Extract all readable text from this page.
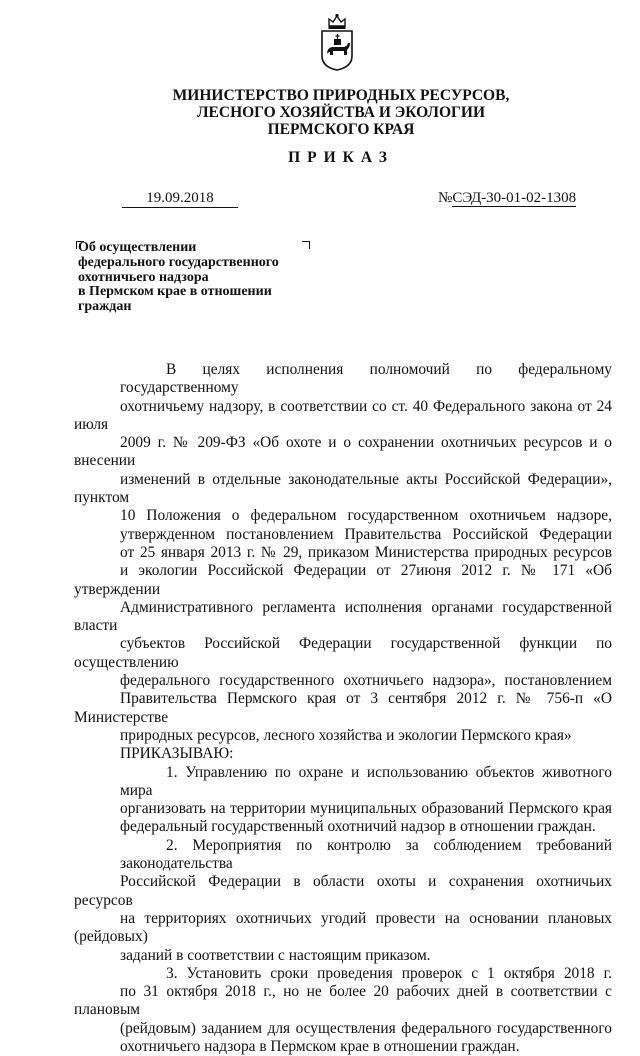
МИНИСТЕРСТВО ПРИРОДНЫХ РЕСУРСОВ,
ЛЕСНОГО ХОЗЯЙСТВА И ЭКОЛОГИИ
ПЕРМСКОГО КРАЯ
ПРИКАЗ
19.09.2018	№СЭД-30-01-02-1308
Об осуществлении
федерального государственного
охотничьего надзора
в Пермском крае в отношении
граждан
В целях исполнения полномочий по федеральному государственному
охотничьему надзору, в соответствии со ст. 40 Федерального закона от 24 июля
2009 г. № 209-ФЗ «Об охоте и о сохранении охотничьих ресурсов и о внесении
изменений в отдельные законодательные акты Российской Федерации», пунктом
10 Положения о федеральном государственном охотничьем надзоре,
утвержденном постановлением Правительства Российской Федерации
от 25 января 2013 г. № 29, приказом Министерства природных ресурсов
и экологии Российской Федерации от 27июня 2012 г. № 171 «Об утверждении
Административного регламента исполнения органами государственной власти
субъектов Российской Федерации государственной функции по осуществлению
федерального государственного охотничьего надзора», постановлением
Правительства Пермского края от 3 сентября 2012 г. № 756-п «О Министерстве
природных ресурсов, лесного хозяйства и экологии Пермского края»
ПРИКАЗЫВАЮ:
1. Управлению по охране и использованию объектов животного мира
организовать на территории муниципальных образований Пермского края
федеральный государственный охотничий надзор в отношении граждан.
2. Мероприятия по контролю за соблюдением требований законодательства
Российской Федерации в области охоты и сохранения охотничьих ресурсов
на территориях охотничьих угодий провести на основании плановых (рейдовых)
заданий в соответствии с настоящим приказом.
3. Установить сроки проведения проверок с 1 октября 2018 г.
по 31 октября 2018 г., но не более 20 рабочих дней в соответствии с плановым
(рейдовым) заданием для осуществления федерального государственного
охотничьего надзора в Пермском крае в отношении граждан.
